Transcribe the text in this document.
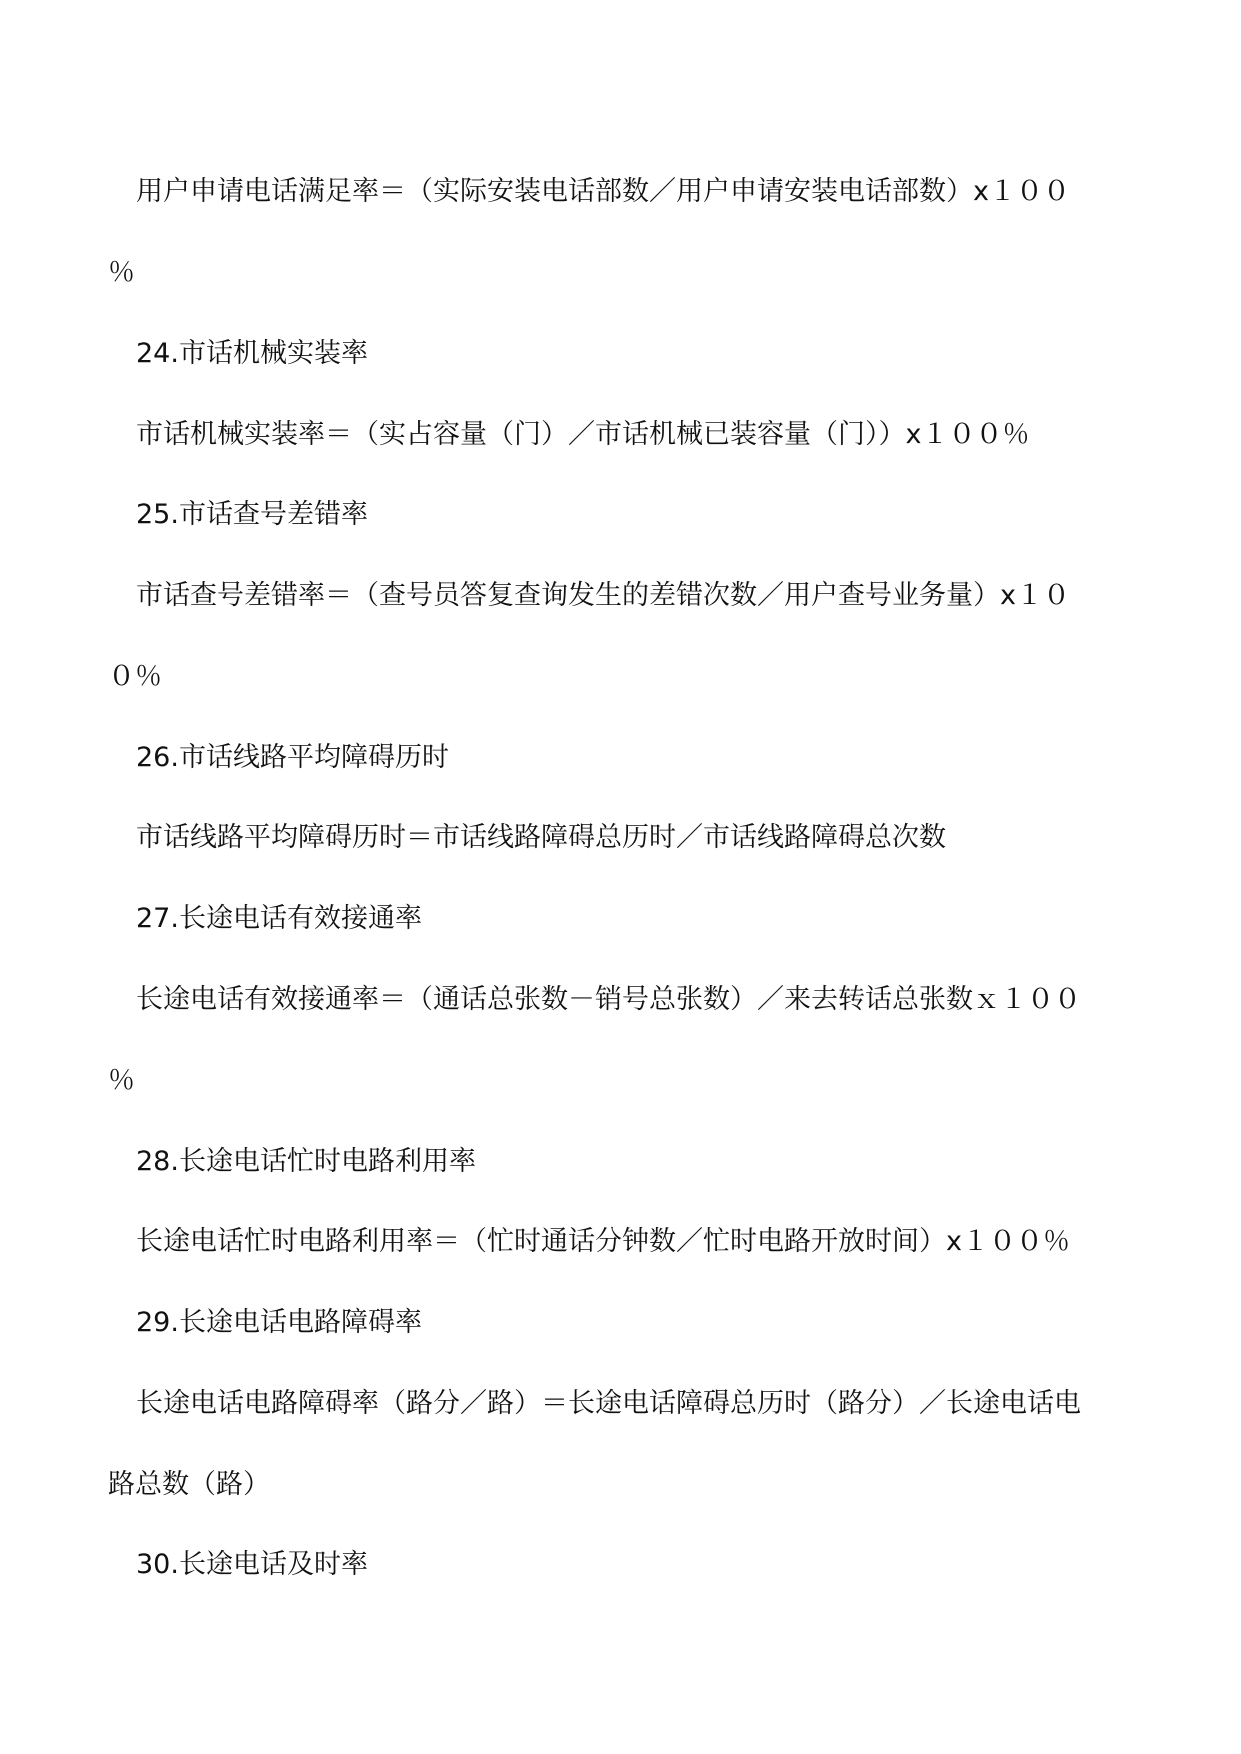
用户申请电话满足率＝（实际安装电话部数／用户申请安装电话部数）x１００
％
24.市话机械实装率
市话机械实装率＝（实占容量（门）／市话机械已装容量（门））x１００％
25.市话查号差错率
市话查号差错率＝（查号员答复查询发生的差错次数／用户查号业务量）x１０
０％
26.市话线路平均障碍历时
市话线路平均障碍历时＝市话线路障碍总历时／市话线路障碍总次数
27.长途电话有效接通率
长途电话有效接通率＝（通话总张数－销号总张数）／来去转话总张数ｘ１００
％
28.长途电话忙时电路利用率
长途电话忙时电路利用率＝（忙时通话分钟数／忙时电路开放时间）x１００％
29.长途电话电路障碍率
长途电话电路障碍率（路分／路）＝长途电话障碍总历时（路分）／长途电话电
路总数（路）
30.长途电话及时率
